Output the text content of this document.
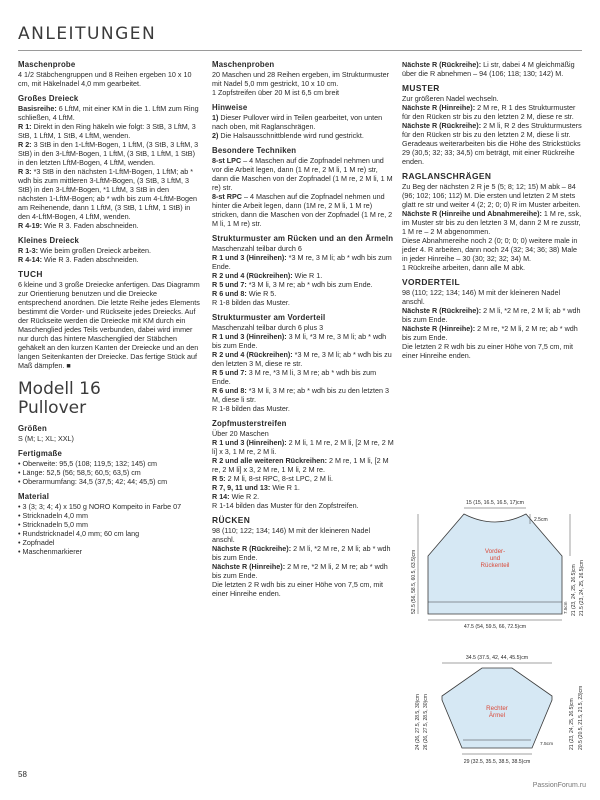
ANLEITUNGEN

Maschenprobe

4 1/2 Stäbchengruppen und 8 Reihen ergeben 10 x 10 cm, mit Häkelnadel 4,0 mm gearbeitet.

Großes Dreieck

Basisreihe: 6 LftM, mit einer KM in die 1. LftM zum Ring schließen, 4 LftM.

R 1: Direkt in den Ring häkeln wie folgt: 3 StB, 3 LftM, 3 StB, 1 LftM, 1 StB, 4 LftM, wenden.

R 2: 3 StB in den 1-LftM-Bogen, 1 LftM, (3 StB, 3 LftM, 3 StB) in den 3-LftM-Bogen, 1 LftM, (3 StB, 1 LftM, 1 StB) in den letzten LftM-Bogen, 4 LftM, wenden.

R 3: *3 StB in den nächsten 1-LftM-Bogen, 1 LftM; ab * wdh bis zum mittleren 3-LftM-Bogen, (3 StB, 3 LftM, 3 StB) in den 3-LftM-Bogen, *1 LftM, 3 StB in den nächsten 1-LftM-Bogen; ab * wdh bis zum 4-LftM-Bogen am Reihenende, dann 1 LftM, (3 StB, 1 LftM, 1 StB) in den 4-LftM-Bogen, 4 LftM, wenden.

R 4-19: Wie R 3. Faden abschneiden.

Kleines Dreieck

R 1-3: Wie beim großen Dreieck arbeiten.

R 4-14: Wie R 3. Faden abschneiden.

TUCH

6 kleine und 3 große Dreiecke anfertigen. Das Diagramm zur Orientierung benutzen und die Dreiecke entsprechend anordnen. Die letzte Reihe jedes Elements bestimmt die Vorder- und Rückseite jedes Dreiecks. Auf der Rückseite werden die Dreiecke mit KM durch ein Maschenglied jedes Teils verbunden, dabei wird immer nur durch das hintere Maschenglied der Stäbchen gehäkelt an den kurzen Kanten der Dreiecke und an den langen Seitenkanten der Dreiecke. Das fertige Stück auf Maß dämpfen. ■

Modell 16
Pullover

Größen

S (M; L; XL; XXL)

Fertigmaße

• Oberweite: 95,5 (108; 119,5; 132; 145) cm

• Länge: 52,5 (56; 58,5; 60,5; 63,5) cm

• Oberarmumfang: 34,5 (37,5; 42; 44; 45,5) cm

Material

• 3 (3; 3; 4; 4) x 150 g NORO Kompeito in Farbe 07

• Stricknadeln 4,0 mm

• Stricknadeln 5,0 mm

• Rundstricknadel 4,0 mm; 60 cm lang

• Zopfnadel

• Maschenmarkierer

Maschenproben

20 Maschen und 28 Reihen ergeben, im Strukturmuster mit Nadel 5,0 mm gestrickt, 10 x 10 cm.

1 Zopfstreifen über 20 M ist 6,5 cm breit

Hinweise

1) Dieser Pullover wird in Teilen gearbeitet, von unten nach oben, mit Raglanschrägen.

2) Die Halsausschnittblende wird rund gestrickt.

Besondere Techniken

8-st LPC – 4 Maschen auf die Zopfnadel nehmen und vor die Arbeit legen, dann (1 M re, 2 M li, 1 M re) str, dann die Maschen von der Zopfnadel (1 M re, 2 M li, 1 M re) str.

8-st RPC – 4 Maschen auf die Zopfnadel nehmen und hinter die Arbeit legen, dann (1M re, 2 M li, 1 M re) stricken, dann die Maschen von der Zopfnadel (1 M re, 2 M li, 1 M re) str.

Strukturmuster am Rücken und an den Ärmeln

Maschenzahl teilbar durch 6

R 1 und 3 (Hinreihen): *3 M re, 3 M li; ab * wdh bis zum Ende.

R 2 und 4 (Rückreihen): Wie R 1.

R 5 und 7: *3 M li, 3 M re; ab * wdh bis zum Ende.

R 6 und 8: Wie R 5.

R 1-8 bilden das Muster.

Strukturmuster am Vorderteil

Maschenzahl teilbar durch 6 plus 3

R 1 und 3 (Hinreihen): 3 M li, *3 M re, 3 M li; ab * wdh bis zum Ende.

R 2 und 4 (Rückreihen): *3 M re, 3 M li; ab * wdh bis zu den letzten 3 M, diese re str.

R 5 und 7: 3 M re, *3 M li, 3 M re; ab * wdh bis zum Ende.

R 6 und 8: *3 M li, 3 M re; ab * wdh bis zu den letzten 3 M, diese li str.

R 1-8 bilden das Muster.

Zopfmusterstreifen

Über 20 Maschen

R 1 und 3 (Hinreihen): 2 M li, 1 M re, 2 M li, [2 M re, 2 M li] x 3, 1 M re, 2 M li.

R 2 und alle weiteren Rückreihen: 2 M re, 1 M li, [2 M re, 2 M li] x 3, 2 M re, 1 M li, 2 M re.

R 5: 2 M li, 8-st RPC, 8-st LPC, 2 M li.

R 7, 9, 11 und 13: Wie R 1.

R 14: Wie R 2.

R 1-14 bilden das Muster für den Zopfstreifen.

RÜCKEN

98 (110; 122; 134; 146) M mit der kleineren Nadel anschl.

Nächste R (Rückreihe): 2 M li, *2 M re, 2 M li; ab * wdh bis zum Ende.

Nächste R (Hinreihe): 2 M re, *2 M li, 2 M re; ab * wdh bis zum Ende.

Die letzten 2 R wdh bis zu einer Höhe von 7,5 cm, mit einer Hinreihe enden.

Nächste R (Rückreihe): Li str, dabei 4 M gleichmäßig über die R abnehmen – 94 (106; 118; 130; 142) M.

MUSTER

Zur größeren Nadel wechseln.

Nächste R (Hinreihe): 2 M re, R 1 des Strukturmuster für den Rücken str bis zu den letzten 2 M, diese re str.

Nächste R (Rückreihe): 2 M li, R 2 des Strukturmusters für den Rücken str bis zu den letzten 2 M, diese li str.

Geradeaus weiterarbeiten bis die Höhe des Strickstücks 29 (30,5; 32; 33; 34,5) cm beträgt, mit einer Rückreihe enden.

RAGLANSCHRÄGEN

Zu Beg der nächsten 2 R je 5 (5; 8; 12; 15) M abk – 84 (96; 102; 106; 112) M. Die ersten und letzten 2 M stets glatt re str und weiter 4 (2; 2; 0; 0) R im Muster arbeiten.

Nächste R (Hinreihe und Abnahmereihe): 1 M re, ssk, im Muster str bis zu den letzten 3 M, dann 2 M re zusstr, 1 M re – 2 M abgenommen.

Diese Abnahmereihe noch 2 (0; 0; 0; 0) weitere male in jeder 4. R arbeiten, dann noch 24 (32; 34; 36; 38) Male in jeder Hinreihe – 30 (30; 32; 32; 34) M.

1 Rückreihe arbeiten, dann alle M abk.

VORDERTEIL

98 (110; 122; 134; 146) M mit der kleineren Nadel anschl.

Nächste R (Rückreihe): 2 M li, *2 M re, 2 M li; ab * wdh bis zum Ende.

Nächste R (Hinreihe): 2 M re, *2 M li, 2 M re; ab * wdh bis zum Ende.

Die letzten 2 R wdh bis zu einer Höhe von 7,5 cm, mit einer Hinreihe enden.

15 (15, 16.5, 16.5, 17)cm
Vorder-
und
Rückenteil
2.5cm
52.5 (56, 58.5, 60.5, 63.5)cm	21 (23, 24, 25, 26.5)cm 21.5 (23, 24, 25, 26.5)cm
7.5cm
47.5 (54, 59.5, 66, 72.5)cm
34.5 (37.5, 42, 44, 45.5)cm
Rechter
Ärmel
24 (26, 27.5, 28.5, 30)cm 26 (26, 27.5, 28.5, 30)cm	21 (23, 24, 25, 26.5)cm 20.5 (20.5, 21.5, 21.5, 23)cm
7.5cm
29 (32.5, 35.5, 38.5, 38.5)cm
58
PassionForum.ru
